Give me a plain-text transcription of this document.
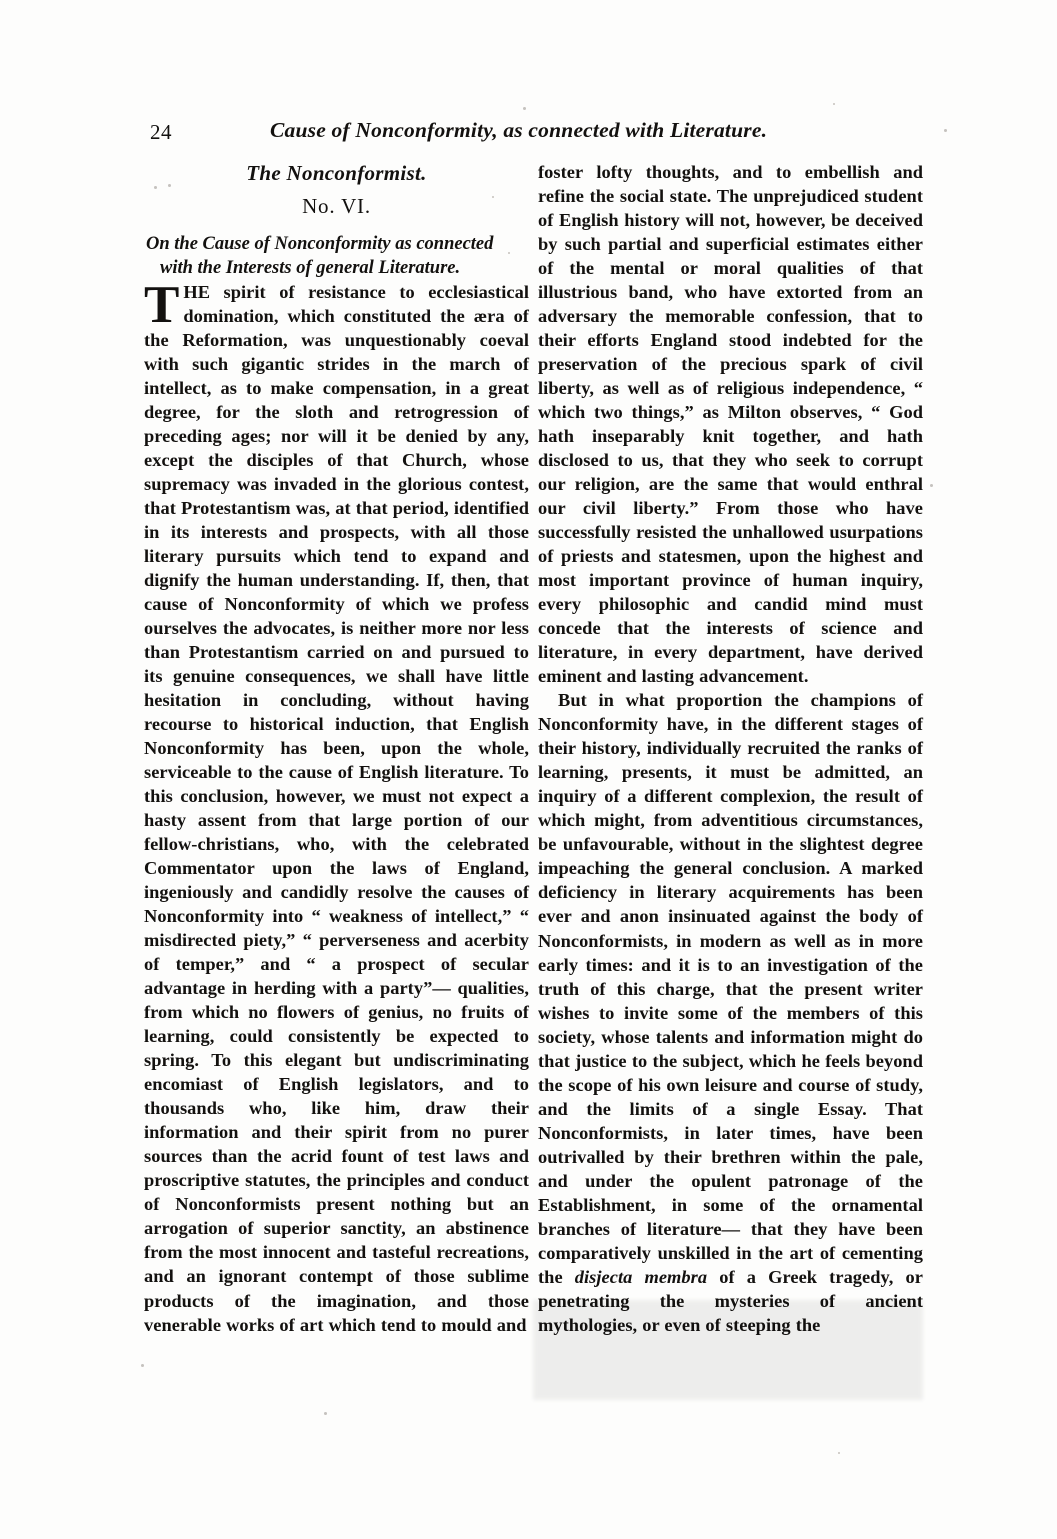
24	Cause of Nonconformity, as connected with Literature.
The Nonconformist.
No. VI.
On the Cause of Nonconformity as connected with the Interests of general Literature.

THE spirit of resistance to ecclesiastical domination, which constituted the æra of the Reformation, was unquestionably coeval with such gigantic strides in the march of intellect, as to make compensation, in a great degree, for the sloth and retrogression of preceding ages; nor will it be denied by any, except the disciples of that Church, whose supremacy was invaded in the glorious contest, that Protestantism was, at that period, identified in its interests and prospects, with all those literary pursuits which tend to expand and dignify the human understanding. If, then, that cause of Nonconformity of which we profess ourselves the advocates, is neither more nor less than Protestantism carried on and pursued to its genuine consequences, we shall have little hesitation in concluding, without having recourse to historical induction, that English Nonconformity has been, upon the whole, serviceable to the cause of English literature. To this conclusion, however, we must not expect a hasty assent from that large portion of our fellow-christians, who, with the celebrated Commentator upon the laws of England, ingeniously and candidly resolve the causes of Nonconformity into “ weakness of intellect,” “ misdirected piety,” “ perverseness and acerbity of temper,” and “ a prospect of secular advantage in herding with a party”— qualities, from which no flowers of genius, no fruits of learning, could consistently be expected to spring. To this elegant but undiscriminating encomiast of English legislators, and to thousands who, like him, draw their information and their spirit from no purer sources than the acrid fount of test laws and proscriptive statutes, the principles and conduct of Nonconformists present nothing but an arrogation of superior sanctity, an abstinence from the most innocent and tasteful recreations, and an ignorant contempt of those sublime products of the imagination, and those venerable works of art which tend to mould and

foster lofty thoughts, and to embellish and refine the social state. The unprejudiced student of English history will not, however, be deceived by such partial and superficial estimates either of the mental or moral qualities of that illustrious band, who have extorted from an adversary the memorable confession, that to their efforts England stood indebted for the preservation of the precious spark of civil liberty, as well as of religious independence, “ which two things,” as Milton observes, “ God hath inseparably knit together, and hath disclosed to us, that they who seek to corrupt our religion, are the same that would enthral our civil liberty.” From those who have successfully resisted the unhallowed usurpations of priests and statesmen, upon the highest and most important province of human inquiry, every philosophic and candid mind must concede that the interests of science and literature, in every department, have derived eminent and lasting advancement.

But in what proportion the champions of Nonconformity have, in the different stages of their history, individually recruited the ranks of learning, presents, it must be admitted, an inquiry of a different complexion, the result of which might, from adventitious circumstances, be unfavourable, without in the slightest degree impeaching the general conclusion. A marked deficiency in literary acquirements has been ever and anon insinuated against the body of Nonconformists, in modern as well as in more early times: and it is to an investigation of the truth of this charge, that the present writer wishes to invite some of the members of this society, whose talents and information might do that justice to the subject, which he feels beyond the scope of his own leisure and course of study, and the limits of a single Essay. That Nonconformists, in later times, have been outrivalled by their brethren within the pale, and under the opulent patronage of the Establishment, in some of the ornamental branches of literature— that they have been comparatively unskilled in the art of cementing the disjecta membra of a Greek tragedy, or penetrating the mysteries of ancient mythologies, or even of steeping the
